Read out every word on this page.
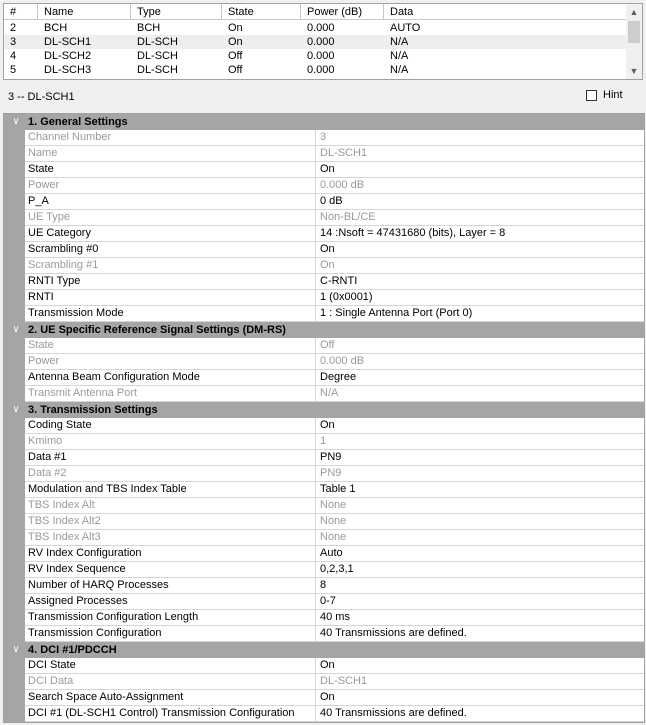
#	Name	Type	State	Power (dB)	Data
2	BCH	BCH	On	0.000	AUTO
3	DL-SCH1	DL-SCH	On	0.000	N/A
4	DL-SCH2	DL-SCH	Off	0.000	N/A
5	DL-SCH3	DL-SCH	Off	0.000	N/A
▲
▼
3 -- DL-SCH1	Hint
∨ 1. General Settings
Channel Number	3
Name	DL-SCH1
State	On
Power	0.000 dB
P_A	0 dB
UE Type	Non-BL/CE
UE Category	14 :Nsoft = 47431680 (bits), Layer = 8
Scrambling #0	On
Scrambling #1	On
RNTI Type	C-RNTI
RNTI	1 (0x0001)
Transmission Mode	1 : Single Antenna Port (Port 0)
∨ 2. UE Specific Reference Signal Settings (DM-RS)
State	Off
Power	0.000 dB
Antenna Beam Configuration Mode	Degree
Transmit Antenna Port	N/A
∨ 3. Transmission Settings
Coding State	On
Kmimo	1
Data #1	PN9
Data #2	PN9
Modulation and TBS Index Table	Table 1
TBS Index Alt	None
TBS Index Alt2	None
TBS Index Alt3	None
RV Index Configuration	Auto
RV Index Sequence	0,2,3,1
Number of HARQ Processes	8
Assigned Processes	0-7
Transmission Configuration Length	40 ms
Transmission Configuration	40 Transmissions are defined.
∨ 4. DCI #1/PDCCH
DCI State	On
DCI Data	DL-SCH1
Search Space Auto-Assignment	On
DCI #1 (DL-SCH1 Control) Transmission Configuration	40 Transmissions are defined.
